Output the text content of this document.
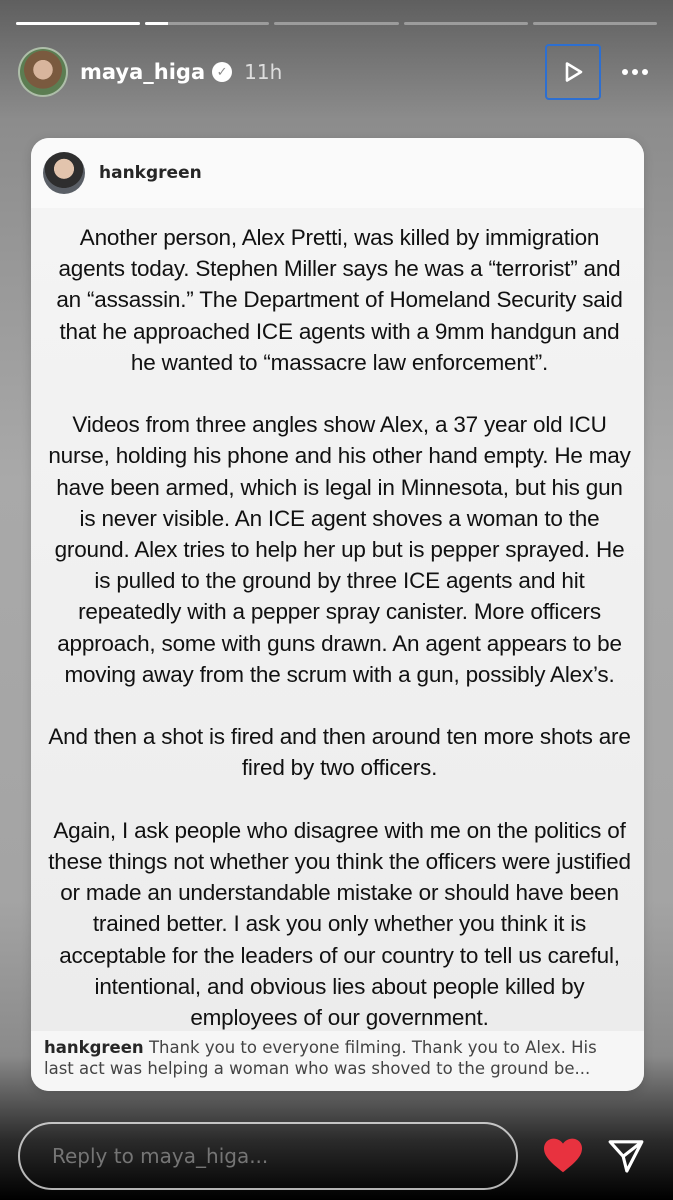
maya_higa ✓ 11h
hankgreen

Another person, Alex Pretti, was killed by immigration agents today. Stephen Miller says he was a “terrorist” and an “assassin.” The Department of Homeland Security said that he approached ICE agents with a 9mm handgun and he wanted to “massacre law enforcement”.

Videos from three angles show Alex, a 37 year old ICU nurse, holding his phone and his other hand empty. He may have been armed, which is legal in Minnesota, but his gun is never visible. An ICE agent shoves a woman to the ground. Alex tries to help her up but is pepper sprayed. He is pulled to the ground by three ICE agents and hit repeatedly with a pepper spray canister. More officers approach, some with guns drawn. An agent appears to be moving away from the scrum with a gun, possibly Alex’s.

And then a shot is fired and then around ten more shots are fired by two officers.

Again, I ask people who disagree with me on the politics of these things not whether you think the officers were justified or made an understandable mistake or should have been trained better. I ask you only whether you think it is acceptable for the leaders of our country to tell us careful, intentional, and obvious lies about people killed by employees of our government.

hankgreen Thank you to everyone filming. Thank you to Alex. His last act was helping a woman who was shoved to the ground be...
Reply to maya_higa...
